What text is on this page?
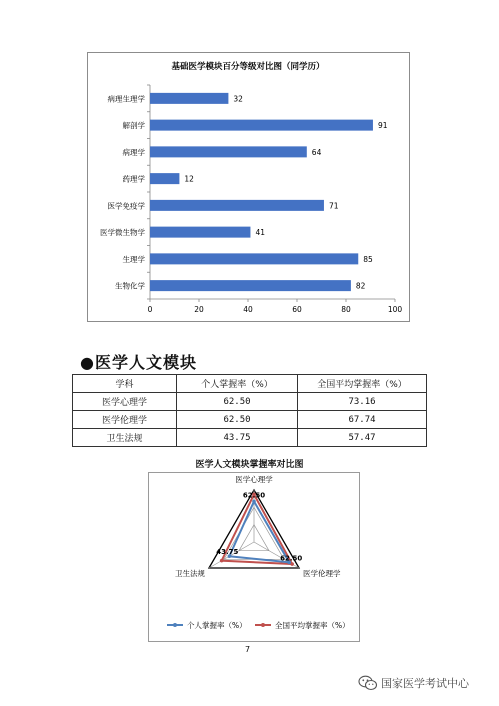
基础医学模块百分等级对比图（同学历）
病理生理学	32
解剖学	91
病理学	64
药理学	12
医学免疫学	71
医学微生物学	41
生理学	85
生物化学	82
0	20	40	60	80	100
●医学人文模块
学科	个人掌握率（%）	全国平均掌握率（%）
医学心理学	62.50	73.16
医学伦理学	62.50	67.74
卫生法规	43.75	57.47
医学人文模块掌握率对比图
医学心理学
医学伦理学
卫生法规
62.50
62.50
43.75
个人掌握率（%）	全国平均掌握率（%）
7
国家医学考试中心
